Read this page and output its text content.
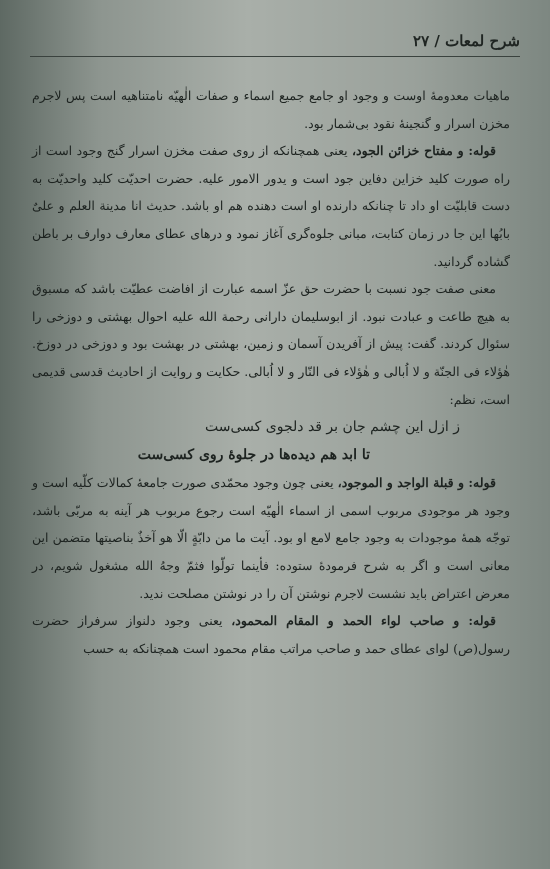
شرح لمعات / ۲۷

ماهیات معدومهٔ اوست و وجود او جامع جمیع اسماء و صفات الٰهیّه نامتناهیه است پس لاجرم مخزن اسرار و گنجینهٔ نقود بی‌شمار بود.

قوله: و مفتاح خزائن الجود، یعنی همچنانکه از روی صفت مخزن اسرار گنج وجود است از راه صورت کلید خزاین دفاین جود است و یدور الامور علیه. حضرت احدیّت کلید واحدیّت به دست قابلیّت او داد تا چنانکه دارنده او است دهنده هم او باشد. حدیث انا مدینة العلم و علیٌ بابُها این جا در زمان کتابت، مبانی جلوه‌گری آغاز نمود و درهای عطای معارف دوارف بر باطن گشاده گردانید.

معنی صفت جود نسبت با حضرت حق عزّ اسمه عبارت از افاضت عطیّت باشد که مسبوق به هیچ طاعت و عبادت نبود. از ابوسلیمان دارانی رحمة الله علیه احوال بهشتی و دوزخی را سئوال کردند. گفت: پیش از آفریدن آسمان و زمین، بهشتی در بهشت بود و دوزخی در دوزخ. هٰؤلاء فی الجنّة و لا اُبالی و هٰؤلاء فی النّار و لا اُبالی. حکایت و روایت از احادیث قدسی قدیمی است، نظم:

ز ازل این چشم جان بر قد دلجوی کسی‌ست

تا ابد هم دیده‌ها در جلوهٔ روی کسی‌ست

قوله: و قبلة الواجد و الموجود، یعنی چون وجود محمّدی صورت جامعهٔ کمالات کلّیه است و وجود هر موجودی مربوب اسمی از اسماء الٰهیّه است رجوع مربوب هر آینه به مربّی باشد، توجّه همهٔ موجودات به وجود جامع لامع او بود. آیت ما من دابّةٍ الّا هو آخذٌ بناصیتها متضمن این معانی است و اگر به شرح فرمودهٔ ستوده: فأینما تولّوا فثمّ وجهُ الله مشغول شویم، در معرض اعتراض باید نشست لاجرم نوشتن آن را در نوشتن مصلحت ندید.

قوله: و صاحب لواء الحمد و المقام المحمود، یعنی وجود دلنواز سرفراز حضرت رسول(ص) لوای عطای حمد و صاحب مراتب مقام محمود است همچنانکه به حسب
